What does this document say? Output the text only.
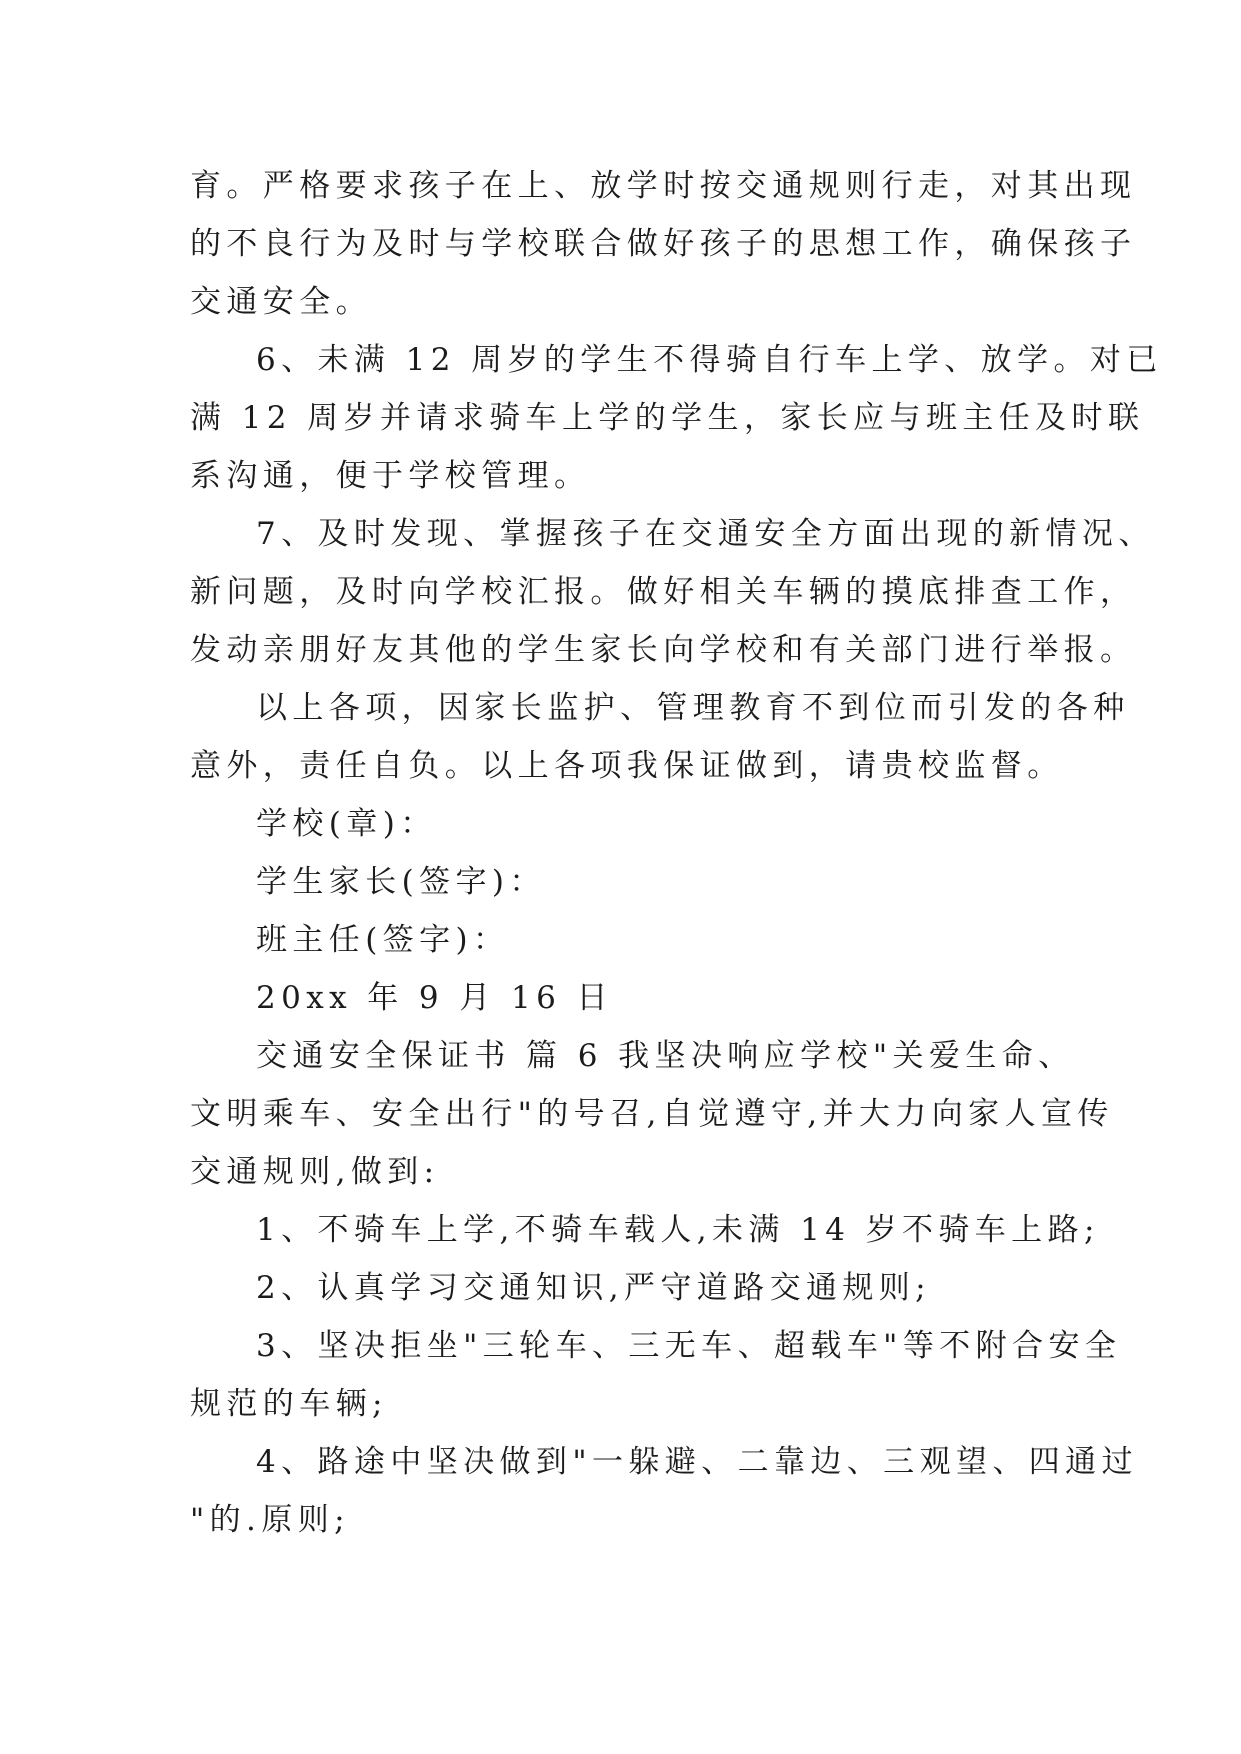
育。严格要求孩子在上、放学时按交通规则行走，对其出现
的不良行为及时与学校联合做好孩子的思想工作，确保孩子
交通安全。
6、未满 12 周岁的学生不得骑自行车上学、放学。对已
满 12 周岁并请求骑车上学的学生，家长应与班主任及时联
系沟通，便于学校管理。
7、及时发现、掌握孩子在交通安全方面出现的新情况、
新问题，及时向学校汇报。做好相关车辆的摸底排查工作，
发动亲朋好友其他的学生家长向学校和有关部门进行举报。
以上各项，因家长监护、管理教育不到位而引发的各种
意外，责任自负。以上各项我保证做到，请贵校监督。
学校(章)：
学生家长(签字)：
班主任(签字)：
20xx 年 9 月 16 日
交通安全保证书 篇 6 我坚决响应学校"关爱生命、
文明乘车、安全出行"的号召,自觉遵守,并大力向家人宣传
交通规则,做到:
1、不骑车上学,不骑车载人,未满 14 岁不骑车上路;
2、认真学习交通知识,严守道路交通规则;
3、坚决拒坐"三轮车、三无车、超载车"等不附合安全
规范的车辆;
4、路途中坚决做到"一躲避、二靠边、三观望、四通过
"的.原则;
